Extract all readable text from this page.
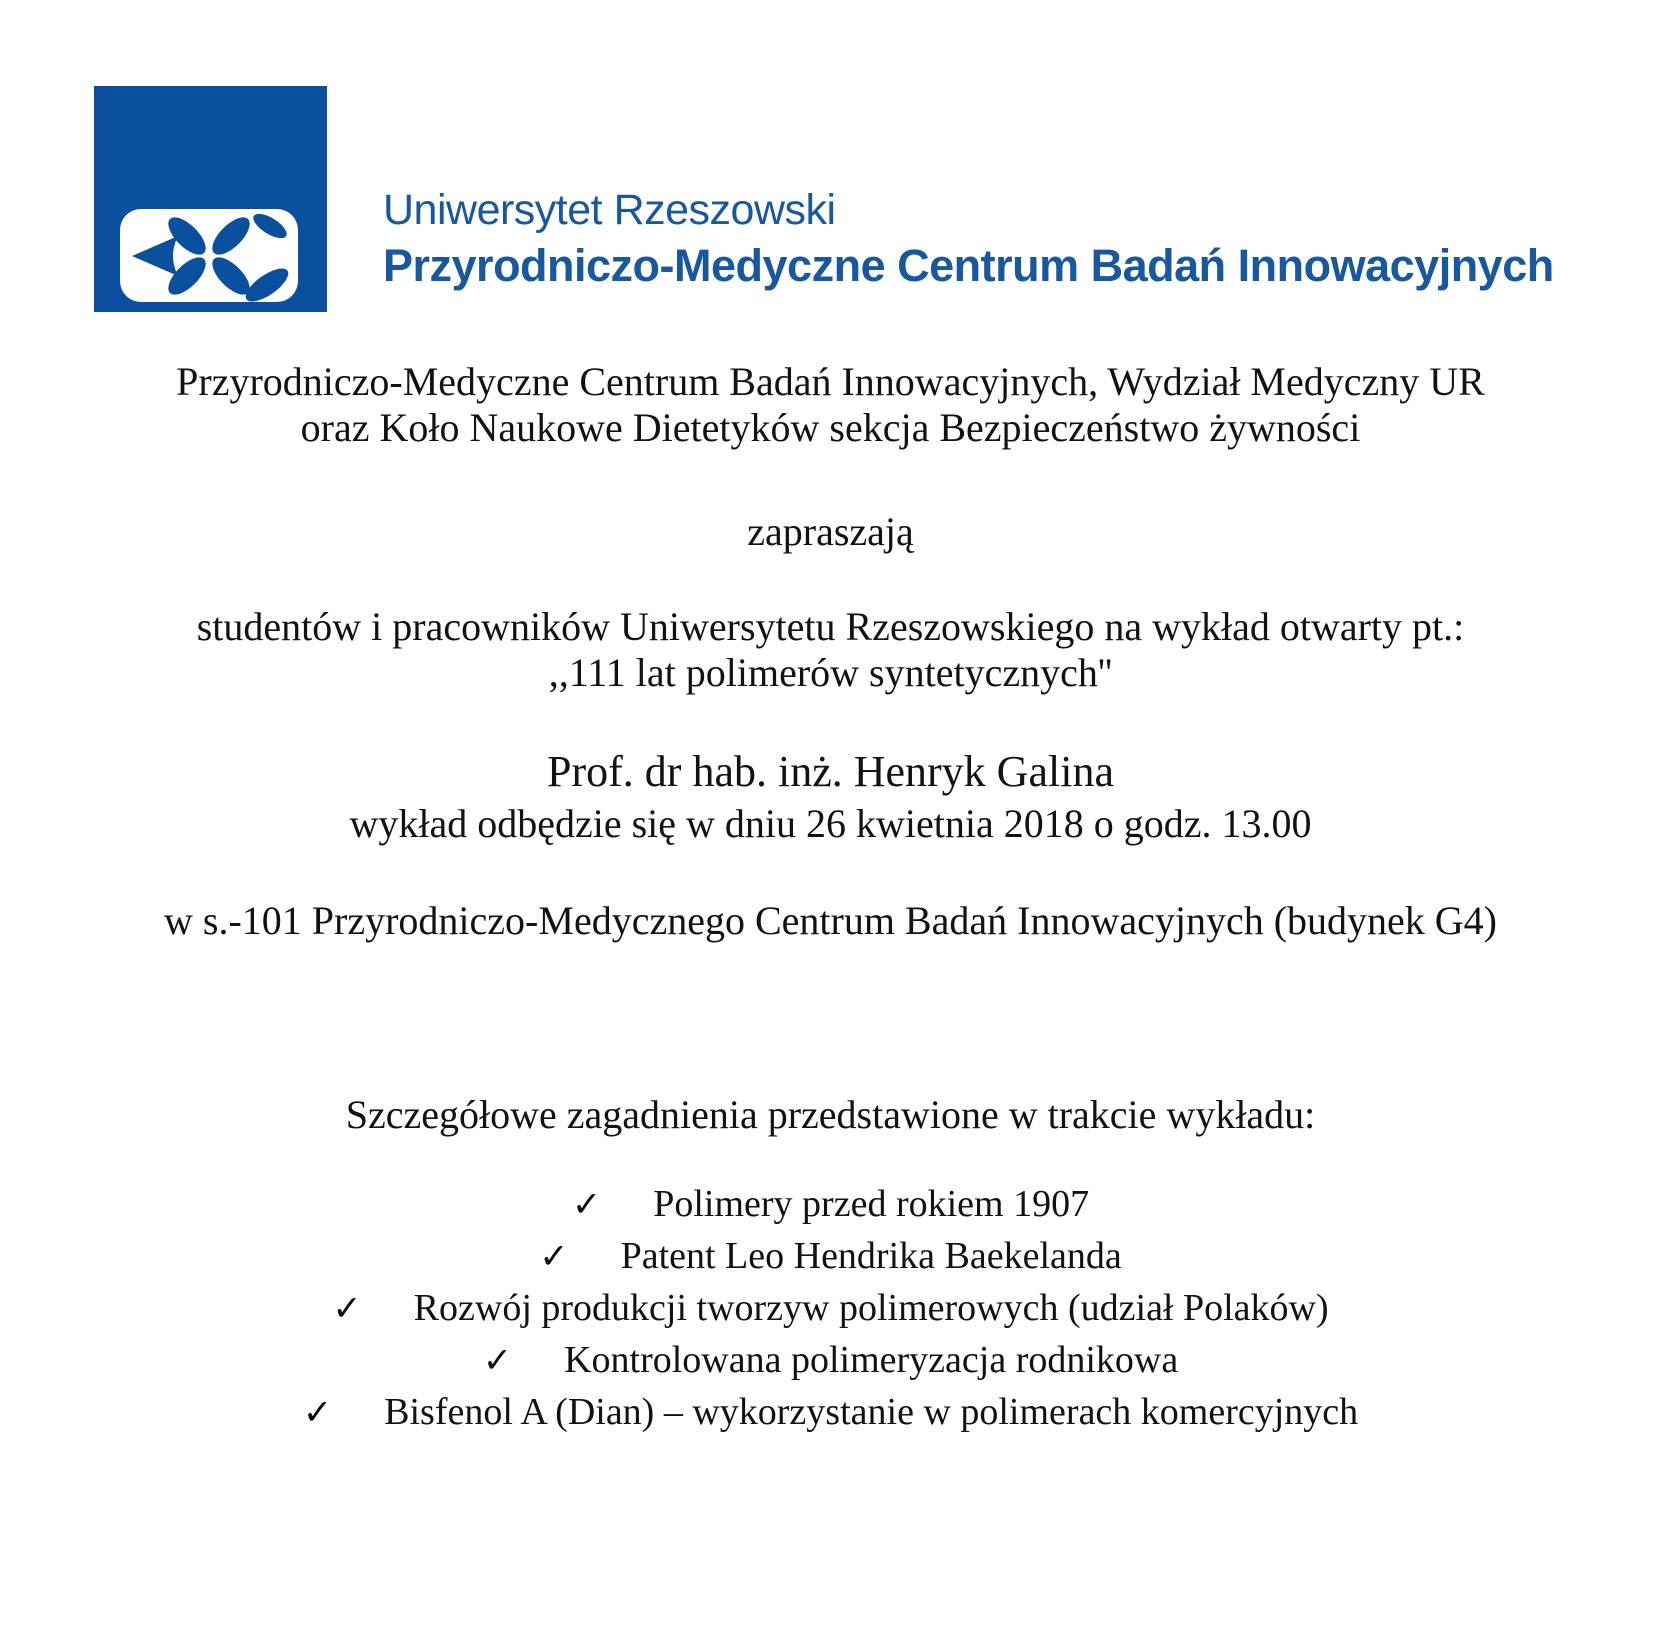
Uniwersytet Rzeszowski
Przyrodniczo-Medyczne Centrum Badań Innowacyjnych
Przyrodniczo-Medyczne Centrum Badań Innowacyjnych, Wydział Medyczny UR
oraz Koło Naukowe Dietetyków sekcja Bezpieczeństwo żywności
zapraszają
studentów i pracowników Uniwersytetu Rzeszowskiego na wykład otwarty pt.:
,,111 lat polimerów syntetycznych''
Prof. dr hab. inż. Henryk Galina
wykład odbędzie się w dniu 26 kwietnia 2018 o godz. 13.00
w s.-101 Przyrodniczo-Medycznego Centrum Badań Innowacyjnych (budynek G4)
Szczegółowe zagadnienia przedstawione w trakcie wykładu:
✓ Polimery przed rokiem 1907
✓ Patent Leo Hendrika Baekelanda
✓ Rozwój produkcji tworzyw polimerowych (udział Polaków)
✓ Kontrolowana polimeryzacja rodnikowa
✓ Bisfenol A (Dian) – wykorzystanie w polimerach komercyjnych
